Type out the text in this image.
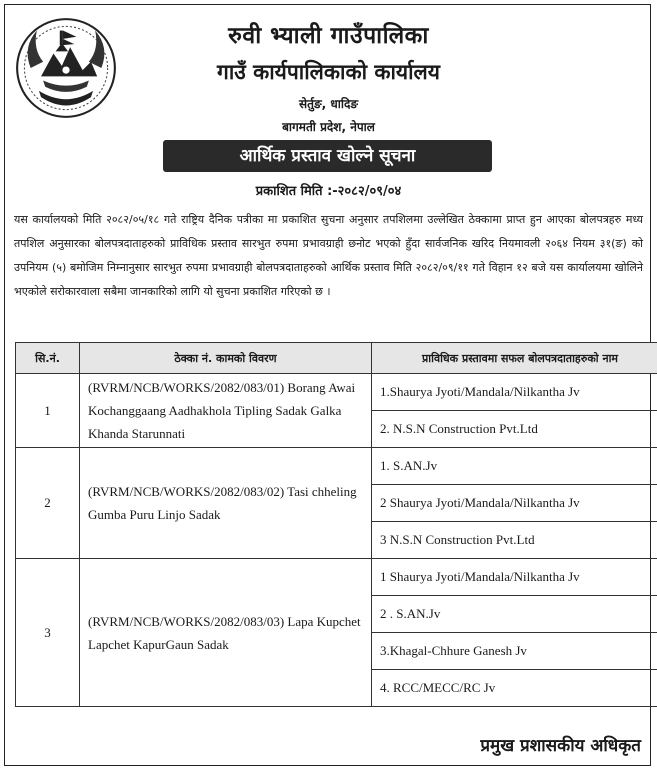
रुवी भ्याली गाउँपालिका
गाउँ कार्यपालिकाको कार्यालय
सेर्तुङ, धादिङ
बागमती प्रदेश, नेपाल
आर्थिक प्रस्ताव खोल्ने सूचना
प्रकाशित मिति :-२०८२/०९/०४
यस कार्यालयको मिति २०८२/०५/१८ गते राष्ट्रिय दैनिक पत्रीका मा प्रकाशित सुचना अनुसार तपशिलमा उल्लेखित ठेक्कामा प्राप्त हुन आएका बोलपत्रहरु मध्य तपशिल अनुसारका बोलपत्रदाताहरुको प्राविधिक प्रस्ताव सारभुत रुपमा प्रभावग्राही छनोट भएको हुँदा सार्वजनिक खरिद नियमावली २०६४ नियम ३१(ङ) को उपनियम (५) बमोजिम निम्नानुसार सारभुत रुपमा प्रभावग्राही बोलपत्रदाताहरुको आर्थिक प्रस्ताव मिति २०८२/०९/११ गते विहान १२ बजे यस कार्यालयमा खोलिने भएकोले सरोकारवाला सबैमा जानकारिको लागि यो सुचना प्रकाशित गरिएको छ ।
सि.नं.	ठेक्का नं. कामको विवरण	प्राविधिक प्रस्तावमा सफल बोलपत्रदाताहरुको नाम
1	(RVRM/NCB/WORKS/2082/083/01) Borang Awai Kochanggaang Aadhakhola Tipling Sadak Galka Khanda Starunnati	1.Shaurya Jyoti/Mandala/Nilkantha Jv
		2. N.S.N Construction Pvt.Ltd
2	(RVRM/NCB/WORKS/2082/083/02) Tasi chheling Gumba Puru Linjo Sadak	1. S.AN.Jv
		2 Shaurya Jyoti/Mandala/Nilkantha Jv
		3 N.S.N Construction Pvt.Ltd
3	(RVRM/NCB/WORKS/2082/083/03) Lapa Kupchet Lapchet KapurGaun Sadak	1 Shaurya Jyoti/Mandala/Nilkantha Jv
		2 . S.AN.Jv
		3.Khagal-Chhure Ganesh Jv
		4. RCC/MECC/RC Jv
प्रमुख प्रशासकीय अधिकृत
